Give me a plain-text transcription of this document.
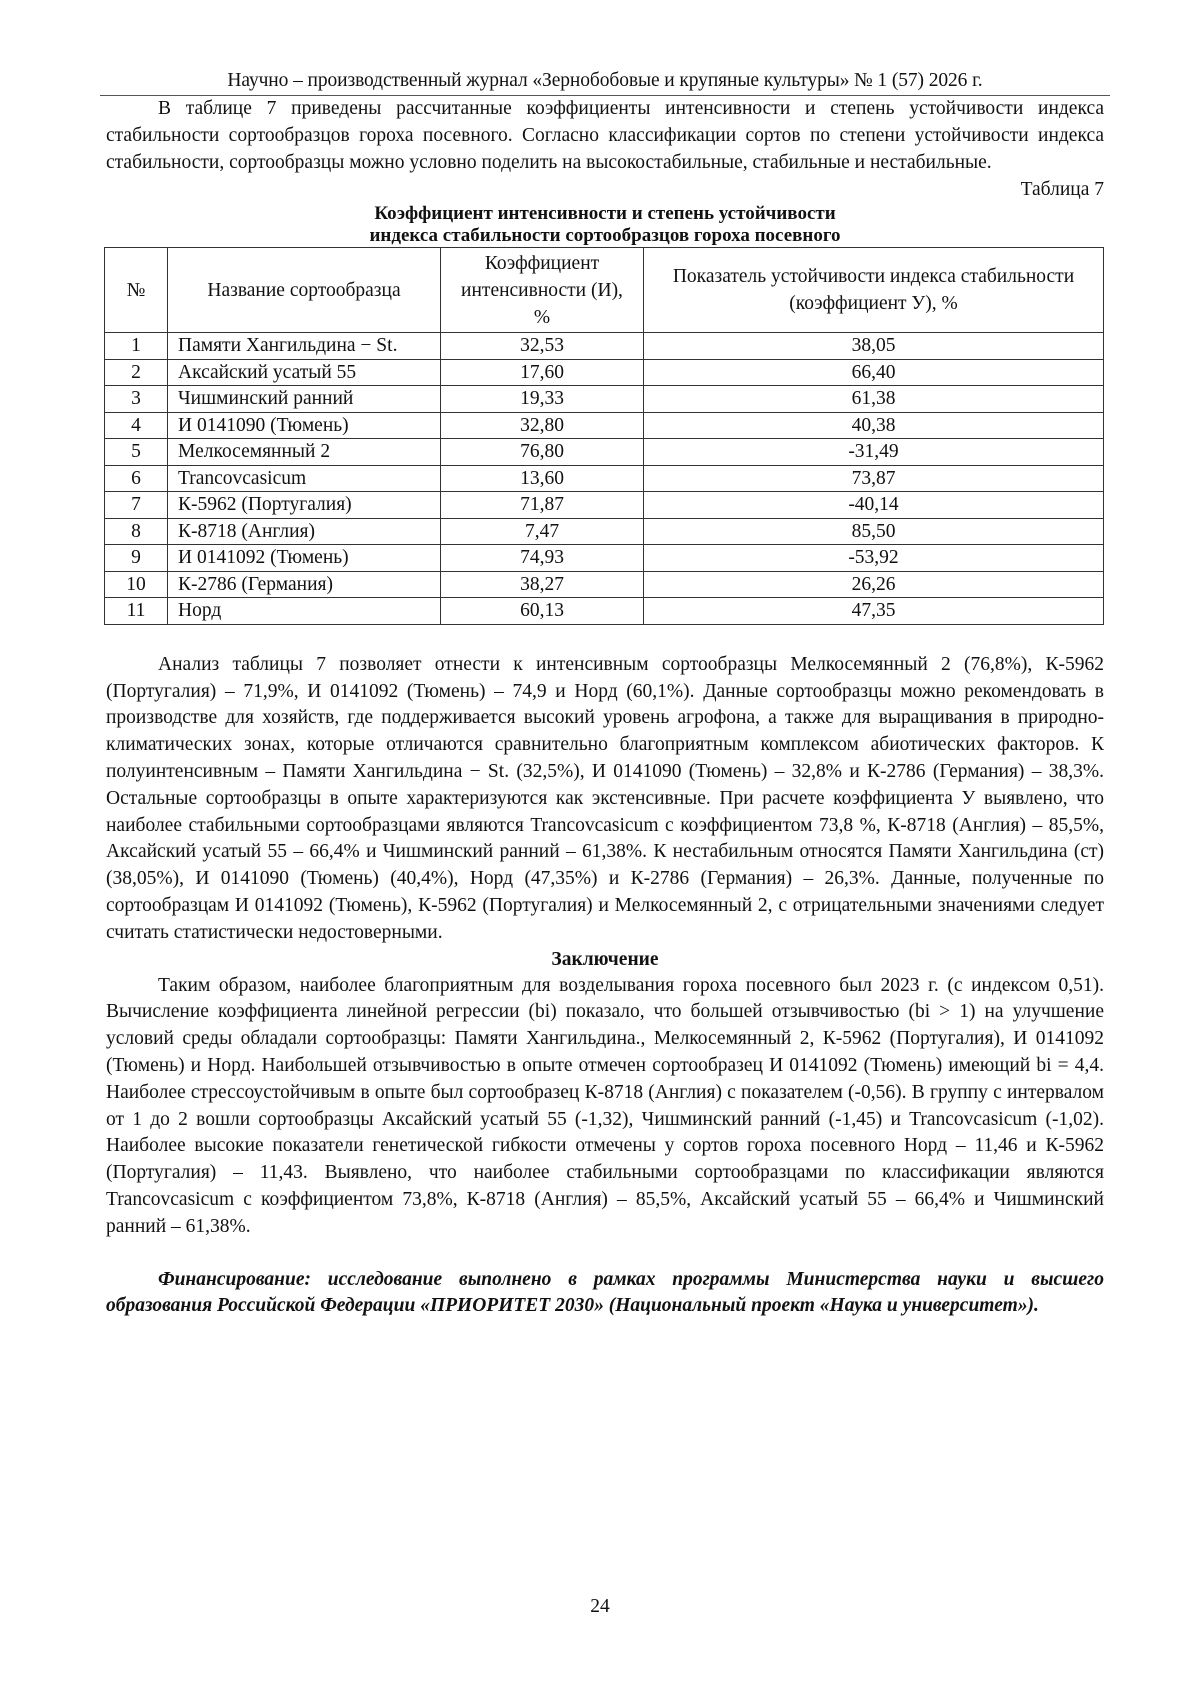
Научно – производственный журнал «Зернобобовые и крупяные культуры» № 1 (57) 2026 г.

В таблице 7 приведены рассчитанные коэффициенты интенсивности и степень устойчивости индекса стабильности сортообразцов гороха посевного. Согласно классификации сортов по степени устойчивости индекса стабильности, сортообразцы можно условно поделить на высокостабильные, стабильные и нестабильные.

Таблица 7
Коэффициент интенсивности и степень устойчивости
индекса стабильности сортообразцов гороха посевного
№	Название сортообразца	Коэффициент интенсивности (И), %	Показатель устойчивости индекса стабильности (коэффициент У), %
1	Памяти Хангильдина − St.	32,53	38,05
2	Аксайский усатый 55	17,60	66,40
3	Чишминский ранний	19,33	61,38
4	И 0141090 (Тюмень)	32,80	40,38
5	Мелкосемянный 2	76,80	-31,49
6	Trancovcasicum	13,60	73,87
7	К-5962 (Португалия)	71,87	-40,14
8	К-8718 (Англия)	7,47	85,50
9	И 0141092 (Тюмень)	74,93	-53,92
10	К-2786 (Германия)	38,27	26,26
11	Норд	60,13	47,35

Анализ таблицы 7 позволяет отнести к интенсивным сортообразцы Мелкосемянный 2 (76,8%), К-5962 (Португалия) – 71,9%, И 0141092 (Тюмень) – 74,9 и Норд (60,1%). Данные сортообразцы можно рекомендовать в производстве для хозяйств, где поддерживается высокий уровень агрофона, а также для выращивания в природно-климатических зонах, которые отличаются сравнительно благоприятным комплексом абиотических факторов. К полуинтенсивным – Памяти Хангильдина − St. (32,5%), И 0141090 (Тюмень) – 32,8% и К-2786 (Германия) – 38,3%. Остальные сортообразцы в опыте характеризуются как экстенсивные. При расчете коэффициента У выявлено, что наиболее стабильными сортообразцами являются Trancovcasicum с коэффициентом 73,8 %, К-8718 (Англия) – 85,5%, Аксайский усатый 55 – 66,4% и Чишминский ранний – 61,38%. К нестабильным относятся Памяти Хангильдина (ст) (38,05%), И 0141090 (Тюмень) (40,4%), Норд (47,35%) и К-2786 (Германия) – 26,3%. Данные, полученные по сортообразцам И 0141092 (Тюмень), К-5962 (Португалия) и Мелкосемянный 2, с отрицательными значениями следует считать статистически недостоверными.

Заключение

Таким образом, наиболее благоприятным для возделывания гороха посевного был 2023 г. (с индексом 0,51). Вычисление коэффициента линейной регрессии (bi) показало, что большей отзывчивостью (bi > 1) на улучшение условий среды обладали сортообразцы: Памяти Хангильдина., Мелкосемянный 2, К-5962 (Португалия), И 0141092 (Тюмень) и Норд. Наибольшей отзывчивостью в опыте отмечен сортообразец И 0141092 (Тюмень) имеющий bi = 4,4. Наиболее стрессоустойчивым в опыте был сортообразец К-8718 (Англия) с показателем (-0,56). В группу с интервалом от 1 до 2 вошли сортообразцы Аксайский усатый 55 (-1,32), Чишминский ранний (-1,45) и Trancovcasicum (-1,02). Наиболее высокие показатели генетической гибкости отмечены у сортов гороха посевного Норд – 11,46 и К-5962 (Португалия) – 11,43. Выявлено, что наиболее стабильными сортообразцами по классификации являются Trancovcasicum с коэффициентом 73,8%, К-8718 (Англия) – 85,5%, Аксайский усатый 55 – 66,4% и Чишминский ранний – 61,38%.

Финансирование: исследование выполнено в рамках программы Министерства науки и высшего образования Российской Федерации «ПРИОРИТЕТ 2030» (Национальный проект «Наука и университет»).

24
